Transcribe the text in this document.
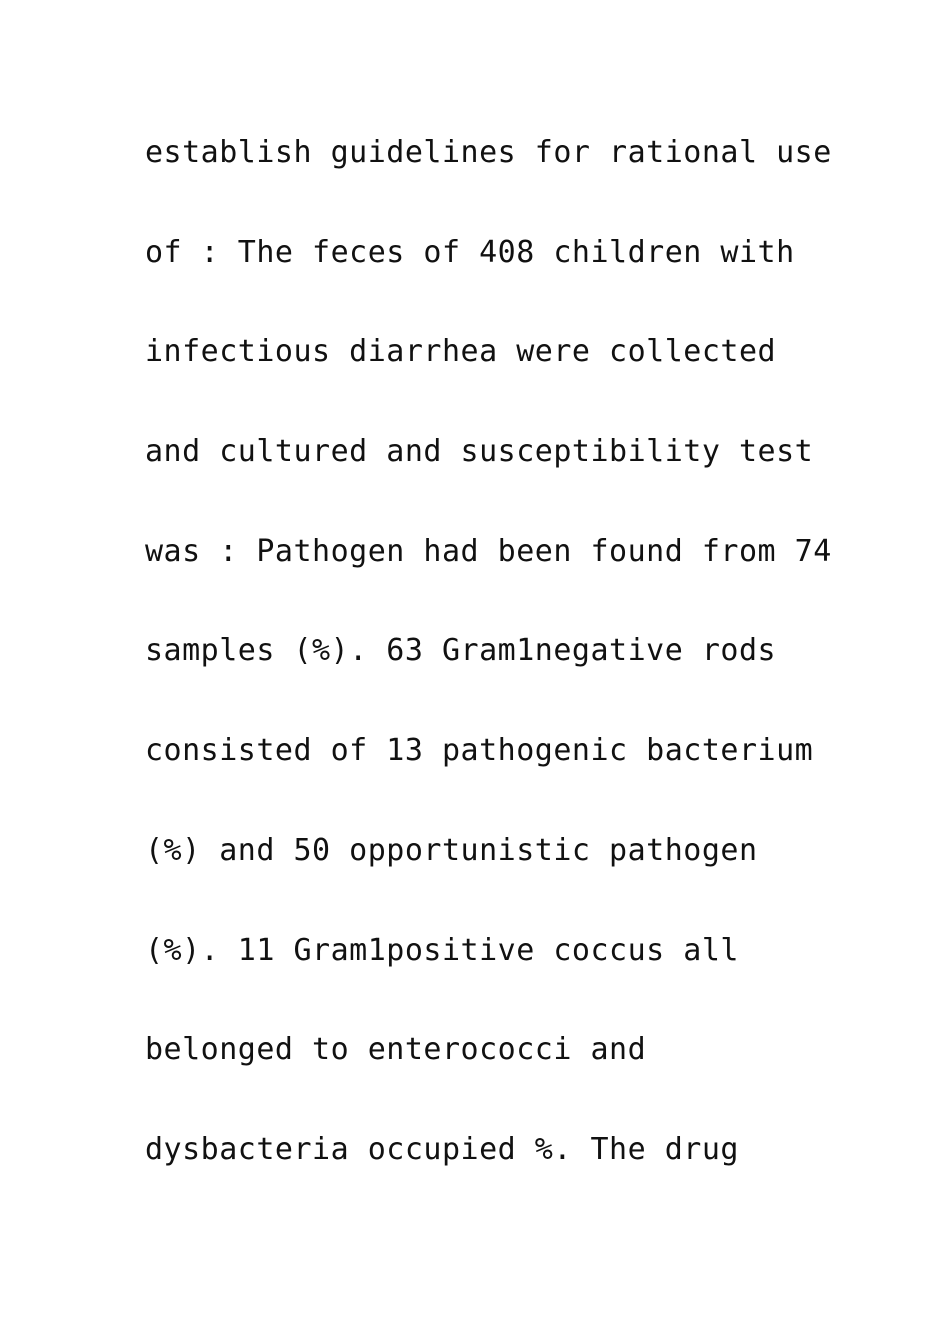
establish guidelines for rational use
of : The feces of 408 children with
infectious diarrhea were collected
and cultured and susceptibility test
was : Pathogen had been found from 74
samples (%). 63 Gram1negative rods
consisted of 13 pathogenic bacterium
(%) and 50 opportunistic pathogen
(%). 11 Gram1positive coccus all
belonged to enterococci and
dysbacteria occupied %. The drug
